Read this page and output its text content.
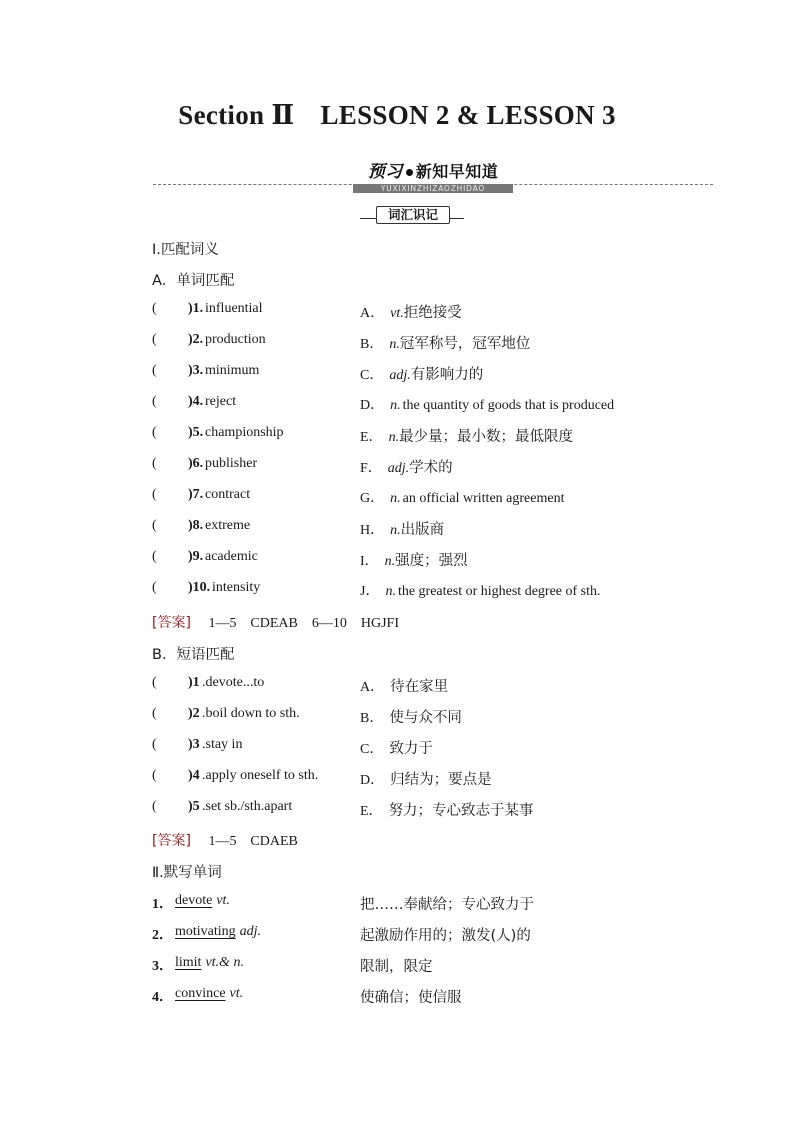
Section Ⅱ LESSON 2 & LESSON 3
预习 新知早知道
YUXIXINZHIZAOZHIDAO
词汇识记
Ⅰ.匹配词义
A．单词匹配
( )1. influential	A． vt.拒绝接受
( )2. production	B． n.冠军称号，冠军地位
( )3. minimum	C． adj.有影响力的
( )4. reject	D． n. the quantity of goods that is produced
( )5. championship	E． n.最少量；最小数；最低限度
( )6. publisher	F． adj.学术的
( )7. contract	G． n. an official written agreement
( )8. extreme	H． n.出版商
( )9. academic	I． n.强度；强烈
( )10. intensity	J． n. the greatest or highest degree of sth.
[答案] 1—5　CDEAB　6—10　HGJFI
B．短语匹配
( )1 .devote...to	A． 待在家里
( )2 .boil down to sth.	B． 使与众不同
( )3 .stay in	C． 致力于
( )4 .apply oneself to sth.	D． 归结为；要点是
( )5 .set sb./sth.apart	E． 努力；专心致志于某事
[答案] 1—5　CDAEB
Ⅱ.默写单词
1． devote vt.	把……奉献给；专心致力于
2． motivating adj.	起激励作用的；激发(人)的
3． limit vt.& n.	限制，限定
4． convince vt.	使确信；使信服
